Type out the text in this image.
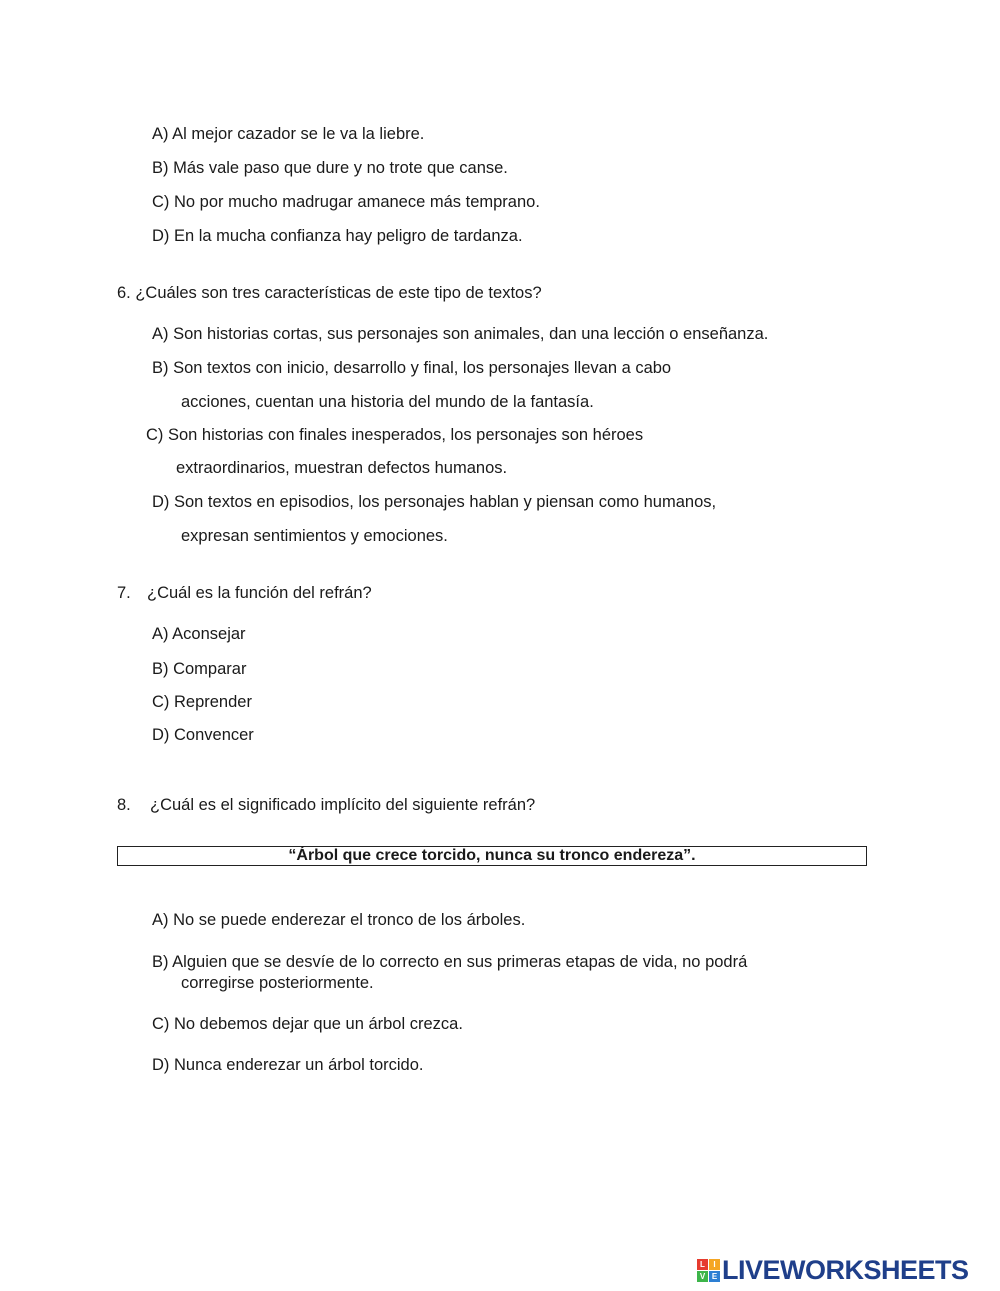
A) Al mejor cazador se le va la liebre.
B) Más vale paso que dure y no trote que canse.
C) No por mucho madrugar amanece más temprano.
D) En la mucha confianza hay peligro de tardanza.
6. ¿Cuáles son tres características de este tipo de textos?
A) Son historias cortas, sus personajes son animales, dan una lección o enseñanza.
B) Son textos con inicio, desarrollo y final, los personajes llevan a cabo
acciones, cuentan una historia del mundo de la fantasía.
C) Son historias con finales inesperados, los personajes son héroes
extraordinarios, muestran defectos humanos.
D) Son textos en episodios, los personajes hablan y piensan como humanos,
expresan sentimientos y emociones.
7. ¿Cuál es la función del refrán?
A) Aconsejar
B) Comparar
C) Reprender
D) Convencer
8. ¿Cuál es el significado implícito del siguiente refrán?
“Árbol que crece torcido, nunca su tronco endereza”.
A) No se puede enderezar el tronco de los árboles.
B) Alguien que se desvíe de lo correcto en sus primeras etapas de vida, no podrá
corregirse posteriormente.
C) No debemos dejar que un árbol crezca.
D) Nunca enderezar un árbol torcido.
L	I
V E LIVEWORKSHEETS
